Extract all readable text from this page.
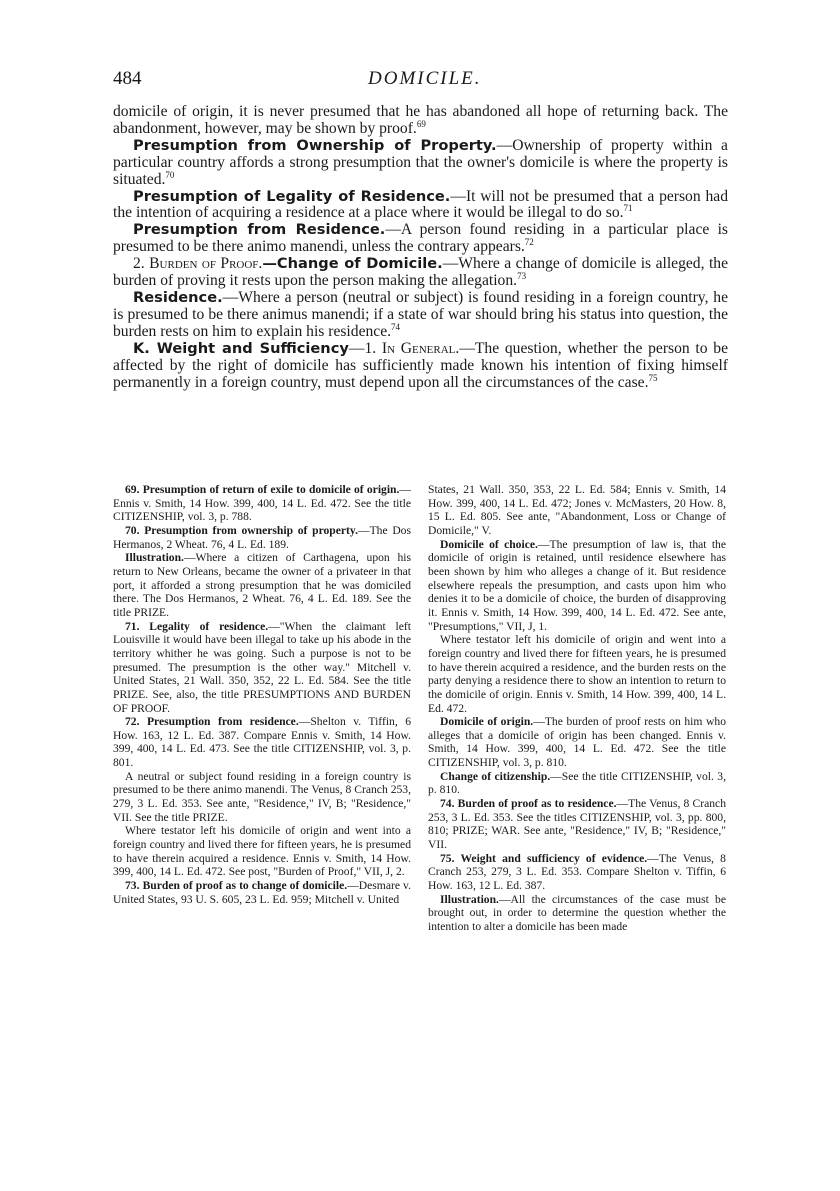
484	DOMICILE.

domicile of origin, it is never presumed that he has abandoned all hope of returning back. The abandonment, however, may be shown by proof.$^{69}$

Presumption from Ownership of Property.—Ownership of property within a particular country affords a strong presumption that the owner's domicile is where the property is situated.$^{70}$

Presumption of Legality of Residence.—It will not be presumed that a person had the intention of acquiring a residence at a place where it would be illegal to do so.$^{71}$

Presumption from Residence.—A person found residing in a particular place is presumed to be there animo manendi, unless the contrary appears.$^{72}$

2. Burden of Proof.—Change of Domicile.—Where a change of domicile is alleged, the burden of proving it rests upon the person making the allegation.$^{73}$

Residence.—Where a person (neutral or subject) is found residing in a foreign country, he is presumed to be there animus manendi; if a state of war should bring his status into question, the burden rests on him to explain his residence.$^{74}$

K. Weight and Sufficiency—1. In General.—The question, whether the person to be affected by the right of domicile has sufficiently made known his intention of fixing himself permanently in a foreign country, must depend upon all the circumstances of the case.$^{75}$

69. Presumption of return of exile to domicile of origin.—Ennis v. Smith, 14 How. 399, 400, 14 L. Ed. 472. See the title CITIZENSHIP, vol. 3, p. 788.

70. Presumption from ownership of property.—The Dos Hermanos, 2 Wheat. 76, 4 L. Ed. 189.

Illustration.—Where a citizen of Carthagena, upon his return to New Orleans, became the owner of a privateer in that port, it afforded a strong presumption that he was domiciled there. The Dos Hermanos, 2 Wheat. 76, 4 L. Ed. 189. See the title PRIZE.

71. Legality of residence.—"When the claimant left Louisville it would have been illegal to take up his abode in the territory whither he was going. Such a purpose is not to be presumed. The presumption is the other way." Mitchell v. United States, 21 Wall. 350, 352, 22 L. Ed. 584. See the title PRIZE. See, also, the title PRESUMPTIONS AND BURDEN OF PROOF.

72. Presumption from residence.—Shelton v. Tiffin, 6 How. 163, 12 L. Ed. 387. Compare Ennis v. Smith, 14 How. 399, 400, 14 L. Ed. 473. See the title CITIZENSHIP, vol. 3, p. 801.

A neutral or subject found residing in a foreign country is presumed to be there animo manendi. The Venus, 8 Cranch 253, 279, 3 L. Ed. 353. See ante, "Residence," IV, B; "Residence," VII. See the title PRIZE.

Where testator left his domicile of origin and went into a foreign country and lived there for fifteen years, he is presumed to have therein acquired a residence. Ennis v. Smith, 14 How. 399, 400, 14 L. Ed. 472. See post, "Burden of Proof," VII, J, 2.

73. Burden of proof as to change of domicile.—Desmare v. United States, 93 U. S. 605, 23 L. Ed. 959; Mitchell v. United

States, 21 Wall. 350, 353, 22 L. Ed. 584; Ennis v. Smith, 14 How. 399, 400, 14 L. Ed. 472; Jones v. McMasters, 20 How. 8, 15 L. Ed. 805. See ante, "Abandonment, Loss or Change of Domicile," V.

Domicile of choice.—The presumption of law is, that the domicile of origin is retained, until residence elsewhere has been shown by him who alleges a change of it. But residence elsewhere repeals the presumption, and casts upon him who denies it to be a domicile of choice, the burden of disapproving it. Ennis v. Smith, 14 How. 399, 400, 14 L. Ed. 472. See ante, "Presumptions," VII, J, 1.

Where testator left his domicile of origin and went into a foreign country and lived there for fifteen years, he is presumed to have therein acquired a residence, and the burden rests on the party denying a residence there to show an intention to return to the domicile of origin. Ennis v. Smith, 14 How. 399, 400, 14 L. Ed. 472.

Domicile of origin.—The burden of proof rests on him who alleges that a domicile of origin has been changed. Ennis v. Smith, 14 How. 399, 400, 14 L. Ed. 472. See the title CITIZENSHIP, vol. 3, p. 810.

Change of citizenship.—See the title CITIZENSHIP, vol. 3, p. 810.

74. Burden of proof as to residence.—The Venus, 8 Cranch 253, 3 L. Ed. 353. See the titles CITIZENSHIP, vol. 3, pp. 800, 810; PRIZE; WAR. See ante, "Residence," IV, B; "Residence," VII.

75. Weight and sufficiency of evidence.—The Venus, 8 Cranch 253, 279, 3 L. Ed. 353. Compare Shelton v. Tiffin, 6 How. 163, 12 L. Ed. 387.

Illustration.—All the circumstances of the case must be brought out, in order to determine the question whether the intention to alter a domicile has been made
